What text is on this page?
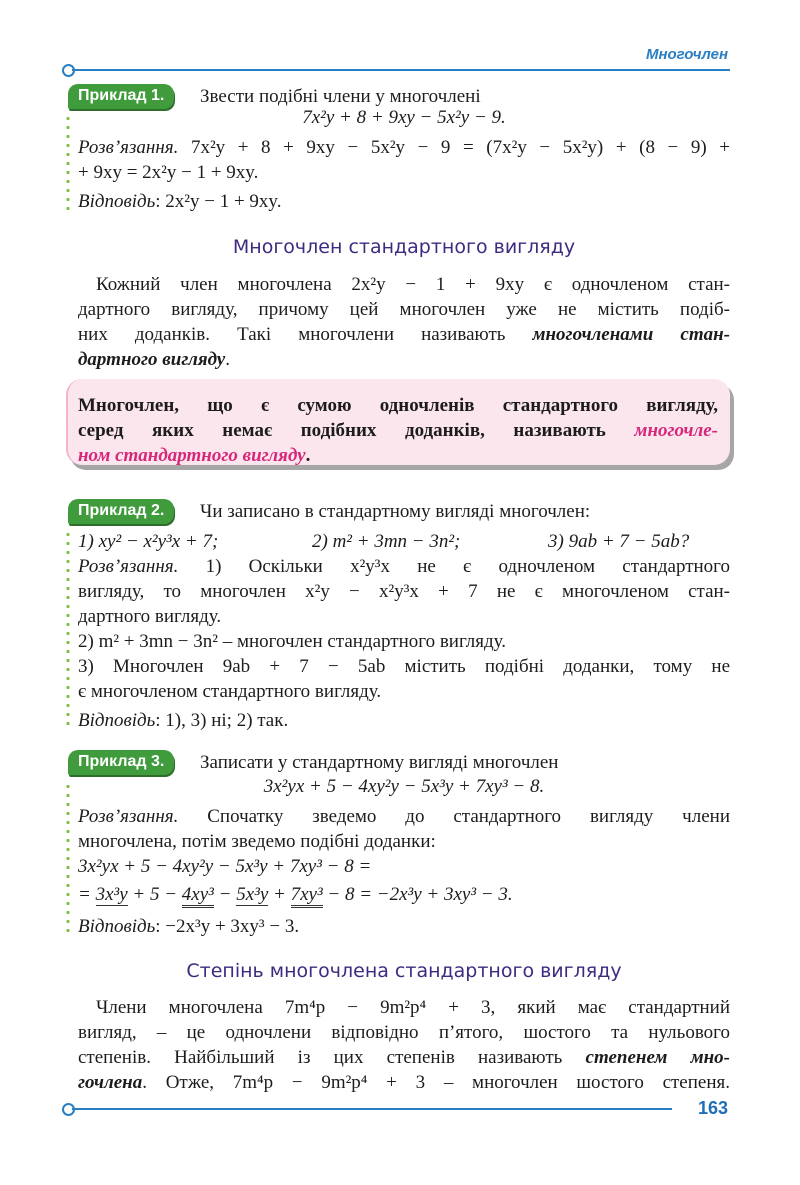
Многочлен
Приклад 1.	Звести подібні члени у многочлені
7x²y + 8 + 9xy − 5x²y − 9.
Розв’язання. 7x²y + 8 + 9xy − 5x²y − 9 = (7x²y − 5x²y) + (8 − 9) +
+ 9xy = 2x²y − 1 + 9xy.
Відповідь: 2x²y − 1 + 9xy.
Многочлен стандартного вигляду
Кожний член многочлена 2x²y − 1 + 9xy є одночленом стан-
дартного вигляду, причому цей многочлен уже не містить подіб-
них доданків. Такі многочлени називають многочленами стан-
дартного вигляду.
Многочлен, що є сумою одночленів стандартного вигляду,
серед яких немає подібних доданків, називають многочле-
ном стандартного вигляду.
Приклад 2.	Чи записано в стандартному вигляді многочлен:
1) xy² − x²y³x + 7;	2) m² + 3mn − 3n²;	3) 9ab + 7 − 5ab?
Розв’язання. 1) Оскільки x²y³x не є одночленом стандартного
вигляду, то многочлен x²y − x²y³x + 7 не є многочленом стан-
дартного вигляду.
2) m² + 3mn − 3n² – многочлен стандартного вигляду.
3) Многочлен 9ab + 7 − 5ab містить подібні доданки, тому не
є многочленом стандартного вигляду.
Відповідь: 1), 3) ні; 2) так.
Приклад 3.	Записати у стандартному вигляді многочлен
3x²yx + 5 − 4xy²y − 5x³y + 7xy³ − 8.
Розв’язання. Спочатку зведемо до стандартного вигляду члени
многочлена, потім зведемо подібні доданки:
3x²yx + 5 − 4xy²y − 5x³y + 7xy³ − 8 =
= 3x³y + 5 − 4xy³ − 5x³y + 7xy³ − 8 = −2x³y + 3xy³ − 3.
Відповідь: −2x³y + 3xy³ − 3.
Степінь многочлена стандартного вигляду
Члени многочлена 7m⁴p − 9m²p⁴ + 3, який має стандартний
вигляд, – це одночлени відповідно п’ятого, шостого та нульового
степенів. Найбільший із цих степенів називають степенем мно-
гочлена. Отже, 7m⁴p − 9m²p⁴ + 3 – многочлен шостого степеня.
163
